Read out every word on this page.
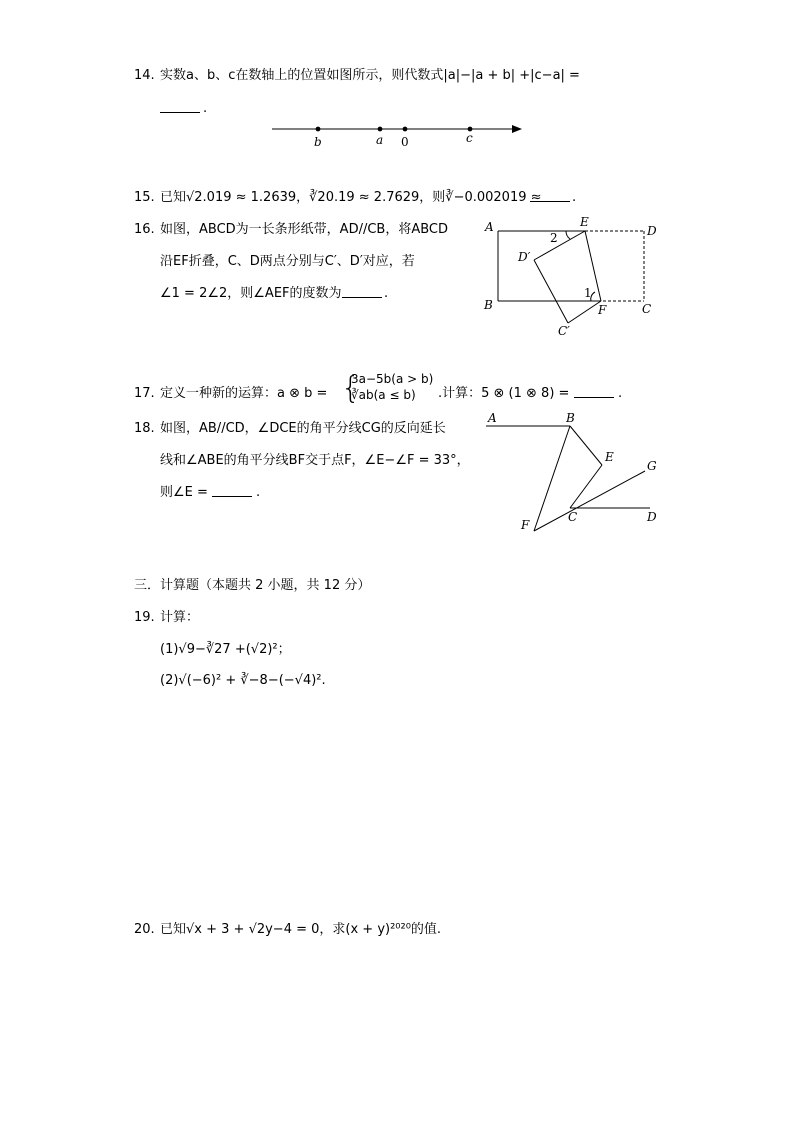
14. 实数a、b、c在数轴上的位置如图所示，则代数式|a|−|a + b| +|c−a| =
.
b	a 0	c
15. 已知√2.019 ≈ 1.2639，∛20.19 ≈ 2.7629，则∛−0.002019 ≈ .
16. 如图，ABCD为一长条形纸带，AD//CB，将ABCD
沿EF折叠，C、D两点分别与C′、D′对应，若
∠1 = 2∠2，则∠AEF的度数为	.
A	E
D
D′
2
B
1
F	C
C′
17. 定义一种新的运算：a ⊗ b = {
3a−5b(a > b)
∛ab(a ≤ b) .计算：5 ⊗ (1 ⊗ 8) =	.
18. 如图，AB//CD，∠DCE的角平分线CG的反向延长
线和∠ABE的角平分线BF交于点F，∠E−∠F = 33°，
则∠E =	.
A	B
E
G
F
C	D
三．计算题（本题共 2 小题，共 12 分）
19. 计算：
(1)√9−∛27 +(√2)²；
(2)√(−6)² + ∛−8−(−√4)².
20. 已知√x + 3 + √2y−4 = 0，求(x + y)²⁰²⁰的值.
